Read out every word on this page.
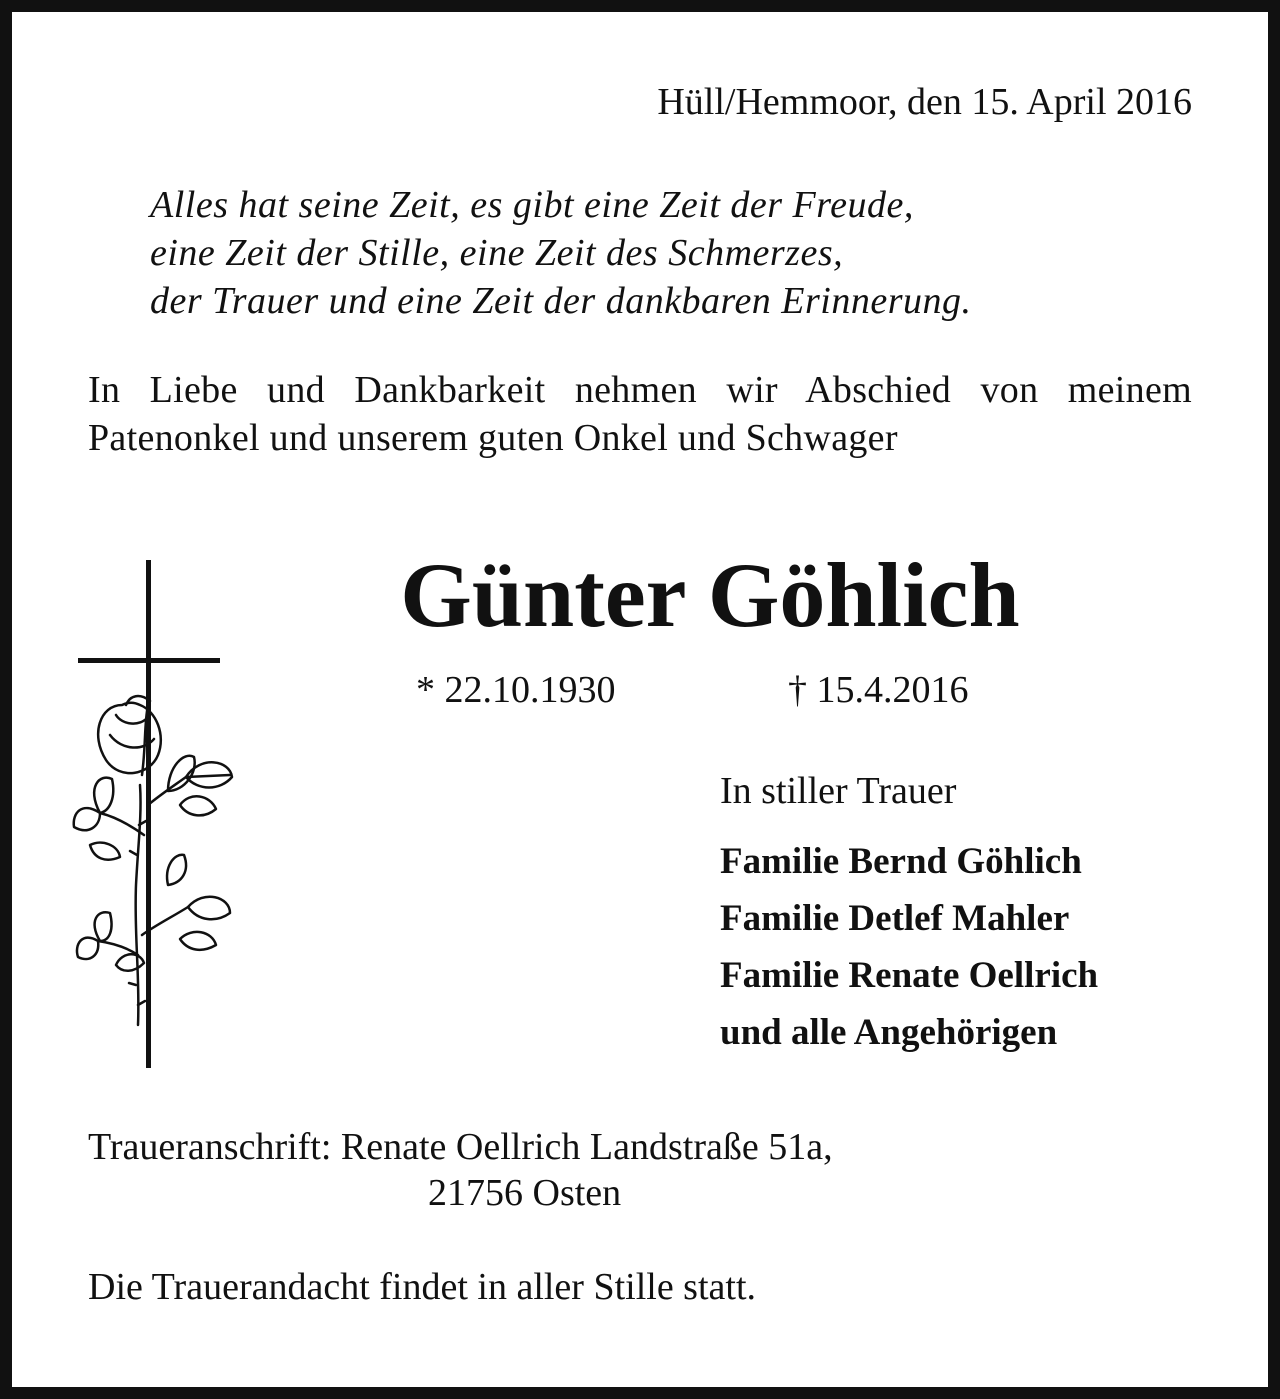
Hüll/Hemmoor, den 15. April 2016
Alles hat seine Zeit, es gibt eine Zeit der Freude,
eine Zeit der Stille, eine Zeit des Schmerzes,
der Trauer und eine Zeit der dankbaren Erinnerung.
In Liebe und Dankbarkeit nehmen wir Abschied von meinem Patenonkel und unserem guten Onkel und Schwager
Günter Göhlich
* 22.10.1930	† 15.4.2016
In stiller Trauer
Familie Bernd Göhlich
Familie Detlef Mahler
Familie Renate Oellrich
und alle Angehörigen
Traueranschrift: Renate Oellrich Landstraße 51a,
21756 Osten
Die Trauerandacht findet in aller Stille statt.
